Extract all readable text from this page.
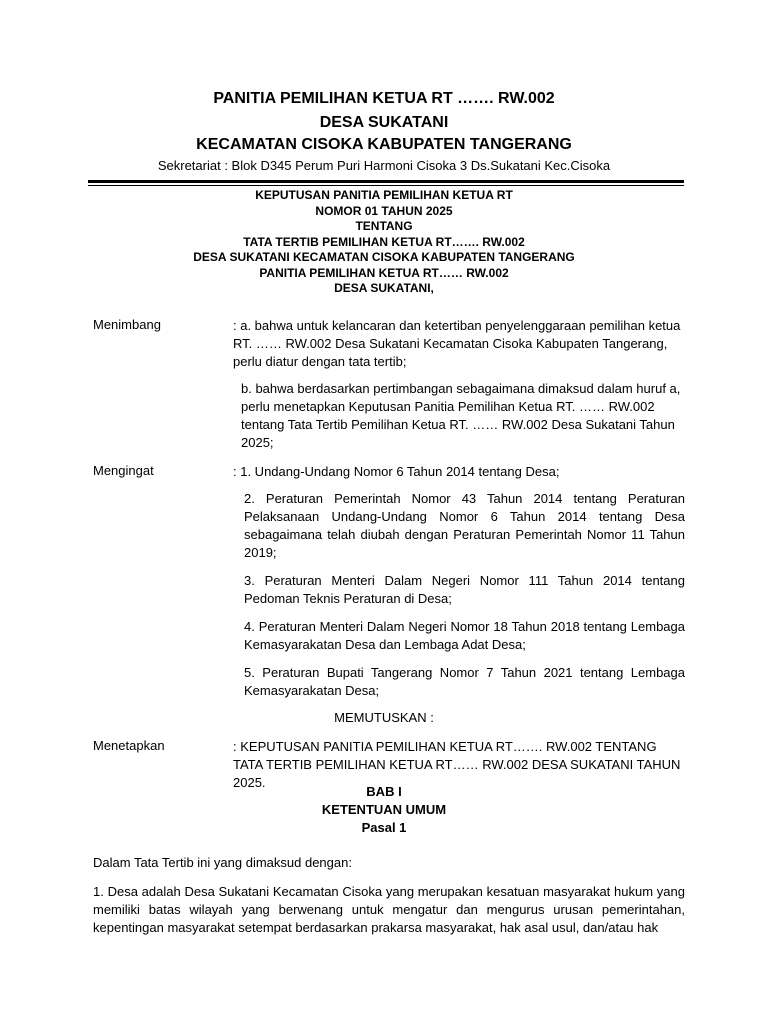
PANITIA PEMILIHAN KETUA RT ……. RW.002
DESA SUKATANI
KECAMATAN CISOKA KABUPATEN TANGERANG
Sekretariat : Blok D345 Perum Puri Harmoni Cisoka 3 Ds.Sukatani Kec.Cisoka
KEPUTUSAN PANITIA PEMILIHAN KETUA RT
NOMOR 01 TAHUN 2025
TENTANG
TATA TERTIB PEMILIHAN KETUA RT……. RW.002
DESA SUKATANI KECAMATAN CISOKA KABUPATEN TANGERANG
PANITIA PEMILIHAN KETUA RT…… RW.002
DESA SUKATANI,
Menimbang	: a. bahwa untuk kelancaran dan ketertiban penyelenggaraan pemilihan ketua RT. …… RW.002 Desa Sukatani Kecamatan Cisoka Kabupaten Tangerang, perlu diatur dengan tata tertib;
b. bahwa berdasarkan pertimbangan sebagaimana dimaksud dalam huruf a, perlu menetapkan Keputusan Panitia Pemilihan Ketua RT. …… RW.002 tentang Tata Tertib Pemilihan Ketua RT. …… RW.002 Desa Sukatani Tahun 2025;
Mengingat	: 1. Undang-Undang Nomor 6 Tahun 2014 tentang Desa;
2. Peraturan Pemerintah Nomor 43 Tahun 2014 tentang Peraturan Pelaksanaan Undang-Undang Nomor 6 Tahun 2014 tentang Desa sebagaimana telah diubah dengan Peraturan Pemerintah Nomor 11 Tahun 2019;
3. Peraturan Menteri Dalam Negeri Nomor 111 Tahun 2014 tentang Pedoman Teknis Peraturan di Desa;
4. Peraturan Menteri Dalam Negeri Nomor 18 Tahun 2018 tentang Lembaga Kemasyarakatan Desa dan Lembaga Adat Desa;
5. Peraturan Bupati Tangerang Nomor 7 Tahun 2021 tentang Lembaga Kemasyarakatan Desa;
MEMUTUSKAN :
Menetapkan	: KEPUTUSAN PANITIA PEMILIHAN KETUA RT……. RW.002 TENTANG TATA TERTIB PEMILIHAN KETUA RT…… RW.002 DESA SUKATANI TAHUN 2025.
BAB I
KETENTUAN UMUM
Pasal 1
Dalam Tata Tertib ini yang dimaksud dengan:
1. Desa adalah Desa Sukatani Kecamatan Cisoka yang merupakan kesatuan masyarakat hukum yang memiliki batas wilayah yang berwenang untuk mengatur dan mengurus urusan pemerintahan, kepentingan masyarakat setempat berdasarkan prakarsa masyarakat, hak asal usul, dan/atau hak
